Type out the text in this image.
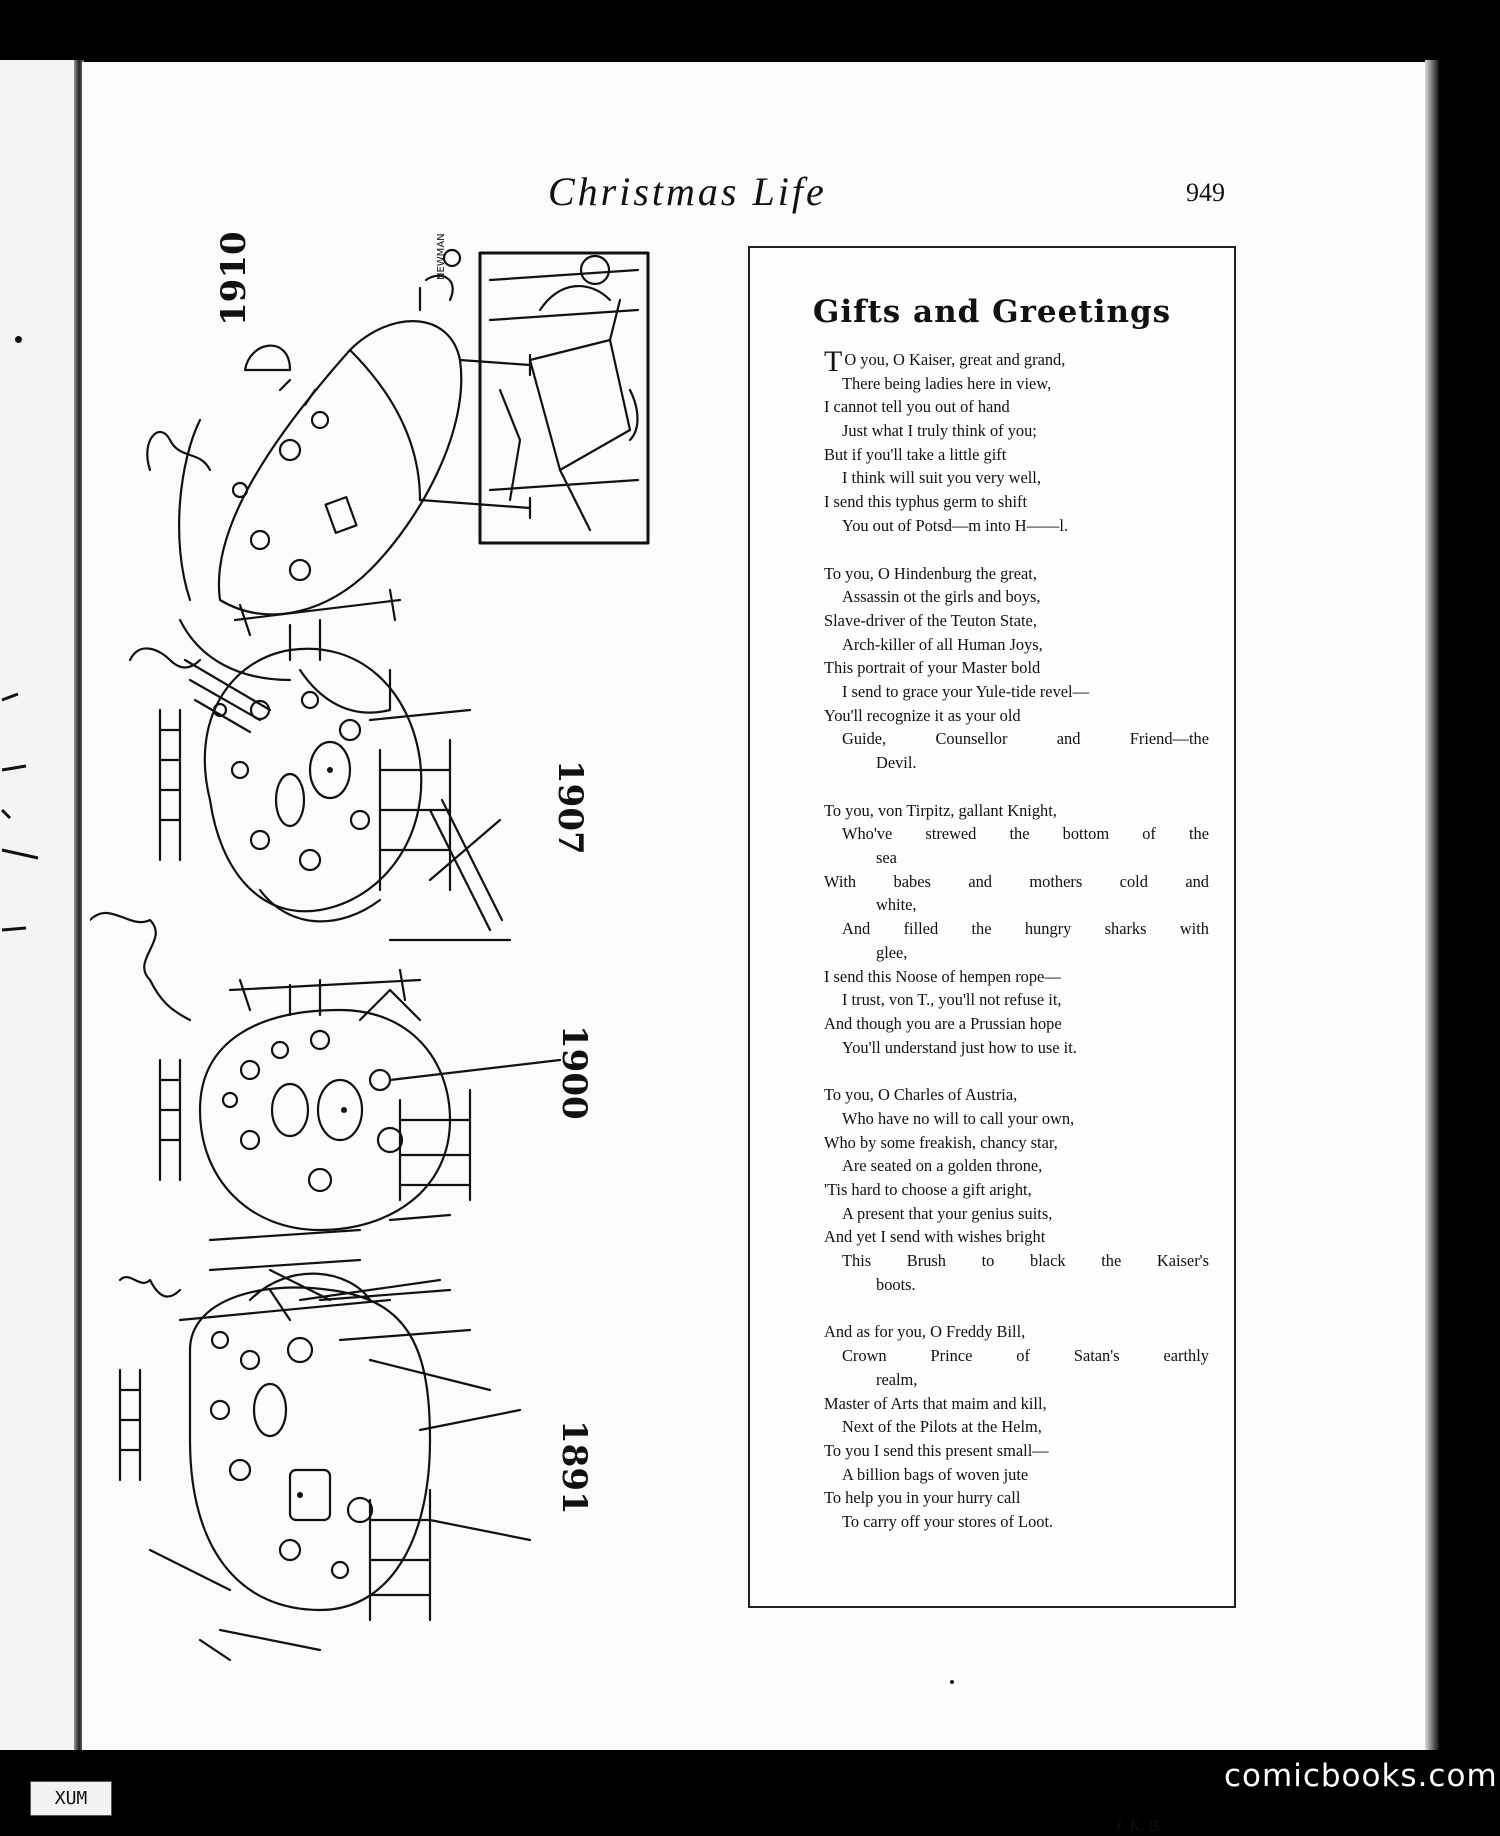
Christmas Life	949
1910
1907
1900
1891
NEWMAN
Gifts and Greetings
T O you, O Kaiser, great and grand,
There being ladies here in view,
I cannot tell you out of hand
Just what I truly think of you;
But if you'll take a little gift
I think will suit you very well,
I send this typhus germ to shift
You out of Potsd—m into H——l.
To you, O Hindenburg the great,
Assassin ot the girls and boys,
Slave-driver of the Teuton State,
Arch-killer of all Human Joys,
This portrait of your Master bold
I send to grace your Yule-tide revel—
You'll recognize it as your old
Guide, Counsellor and Friend—the
Devil.
To you, von Tirpitz, gallant Knight,
Who've strewed the bottom of the
sea
With babes and mothers cold and
white,
And filled the hungry sharks with
glee,
I send this Noose of hempen rope—
I trust, von T., you'll not refuse it,
And though you are a Prussian hope
You'll understand just how to use it.
To you, O Charles of Austria,
Who have no will to call your own,
Who by some freakish, chancy star,
Are seated on a golden throne,
'Tis hard to choose a gift aright,
A present that your genius suits,
And yet I send with wishes bright
This Brush to black the Kaiser's
boots.
And as for you, O Freddy Bill,
Crown Prince of Satan's earthly
realm,
Master of Arts that maim and kill,
Next of the Pilots at the Helm,
To you I send this present small—
A billion bags of woven jute
To help you in your hurry call
To carry off your stores of Loot.
J. K. B.
XUM
comicbooks.com
